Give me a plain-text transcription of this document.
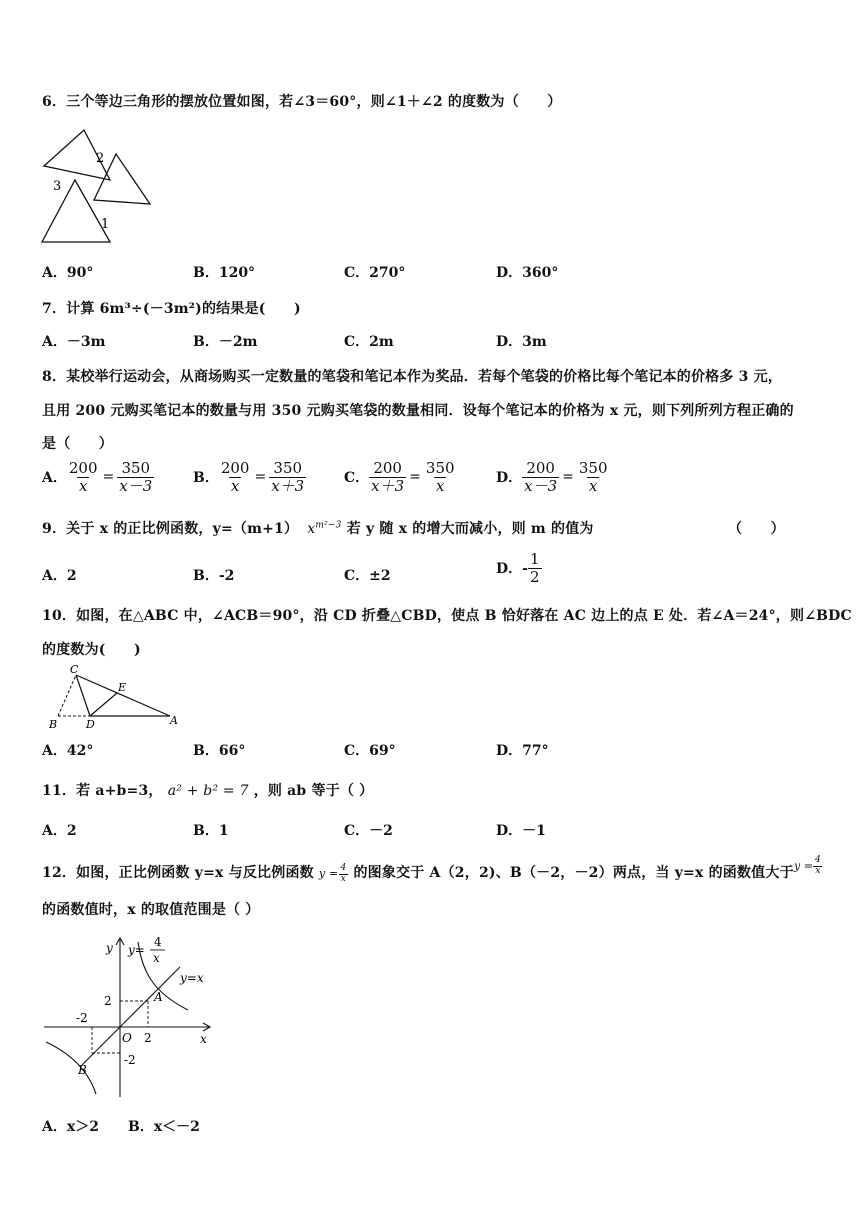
6．三个等边三角形的摆放位置如图，若∠3＝60°，则∠1＋∠2 的度数为（　　）
2
3
1
A．90°	B．120°	C．270°	D．360°
7．计算 6m³÷(－3m²)的结果是(　　)
A．－3m	B．－2m	C．2m	D．3m
8．某校举行运动会，从商场购买一定数量的笔袋和笔记本作为奖品．若每个笔袋的价格比每个笔记本的价格多 3 元，
且用 200 元购买笔记本的数量与用 350 元购买笔袋的数量相同．设每个笔记本的价格为 x 元，则下列所列方程正确的
是（　　）
A． $\frac{200}{x} = \frac{350}{x-3}$	B． $\frac{200}{x} = \frac{350}{x+3}$	C． $\frac{200}{x+3} = \frac{350}{x}$	D． $\frac{200}{x-3} = \frac{350}{x}$
9．关于 x 的正比例函数，y=（m+1） $x^{m^2-3}$ 若 y 随 x 的增大而减小，则 m 的值为	（　　）
A．2	B．-2	C．±2	D．- $\frac{1}{2}$
10．如图，在△ABC 中，∠ACB＝90°，沿 CD 折叠△CBD，使点 B 恰好落在 AC 边上的点 E 处．若∠A＝24°，则∠BDC
的度数为(　　)
C
E
B	D	A
A．42°	B．66°	C．69°	D．77°
11．若 a+b=3， a² + b² = 7 ，则 ab 等于（ ）
A．2	B．1	C．－2	D．－1
12．如图，正比例函数 y=x 与反比例函数 $y = \frac{4}{x}$ 的图象交于 A（2，2)、B（－2，－2）两点，当 y=x 的函数值大于 $y = \frac{4}{x}$
的函数值时，x 的取值范围是（ ）
y
x
O
y=
4
x
y=x
2
-2
2
-2
A
B
A．x＞2 B．x＜－2
